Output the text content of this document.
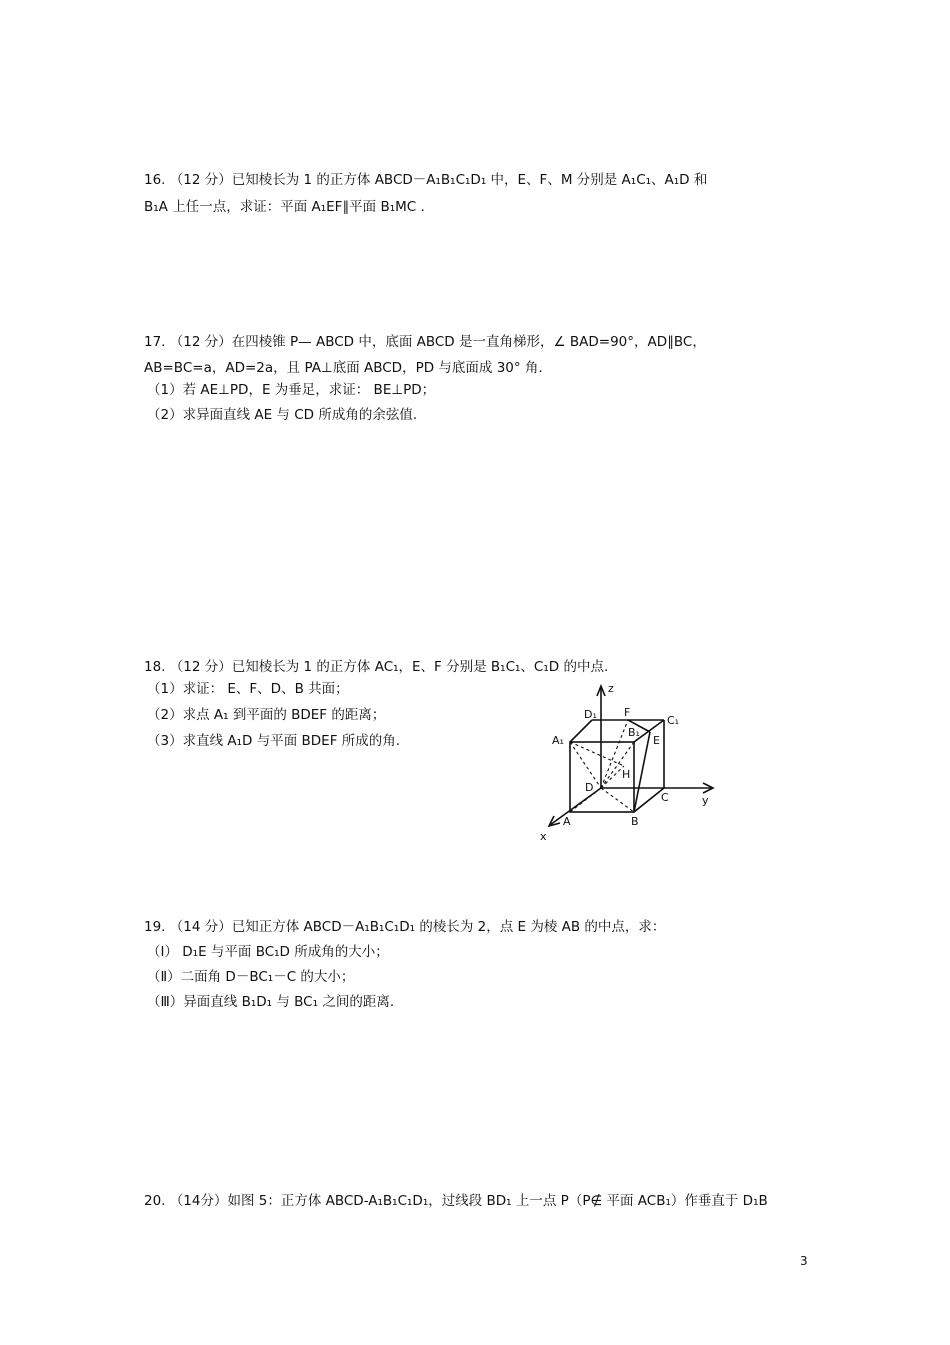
16. （12 分）已知棱长为 1 的正方体 ABCD－A₁B₁C₁D₁ 中，E、F、M 分别是 A₁C₁、A₁D 和
B₁A 上任一点，求证：平面 A₁EF∥平面 B₁MC .
17. （12 分）在四棱锥 P— ABCD 中，底面 ABCD 是一直角梯形，∠ BAD=90°，AD∥BC，
AB=BC=a，AD=2a，且 PA⊥底面 ABCD，PD 与底面成 30° 角.
（1）若 AE⊥PD，E 为垂足，求证： BE⊥PD；
（2）求异面直线 AE 与 CD 所成角的余弦值.
18. （12 分）已知棱长为 1 的正方体 AC₁，E、F 分别是 B₁C₁、C₁D 的中点.
（1）求证： E、F、D、B 共面；
（2）求点 A₁ 到平面的 BDEF 的距离；
（3）求直线 A₁D 与平面 BDEF 所成的角.
z
y
x
D₁ F
C₁
A₁
B₁
E
H
D
C
A	B
19. （14 分）已知正方体 ABCD－A₁B₁C₁D₁ 的棱长为 2，点 E 为棱 AB 的中点，求：
（Ⅰ） D₁E 与平面 BC₁D 所成角的大小；
（Ⅱ）二面角 D－BC₁－C 的大小；
（Ⅲ）异面直线 B₁D₁ 与 BC₁ 之间的距离.
20. （14分）如图 5：正方体 ABCD-A₁B₁C₁D₁，过线段 BD₁ 上一点 P（P∉ 平面 ACB₁）作垂直于 D₁B
3
